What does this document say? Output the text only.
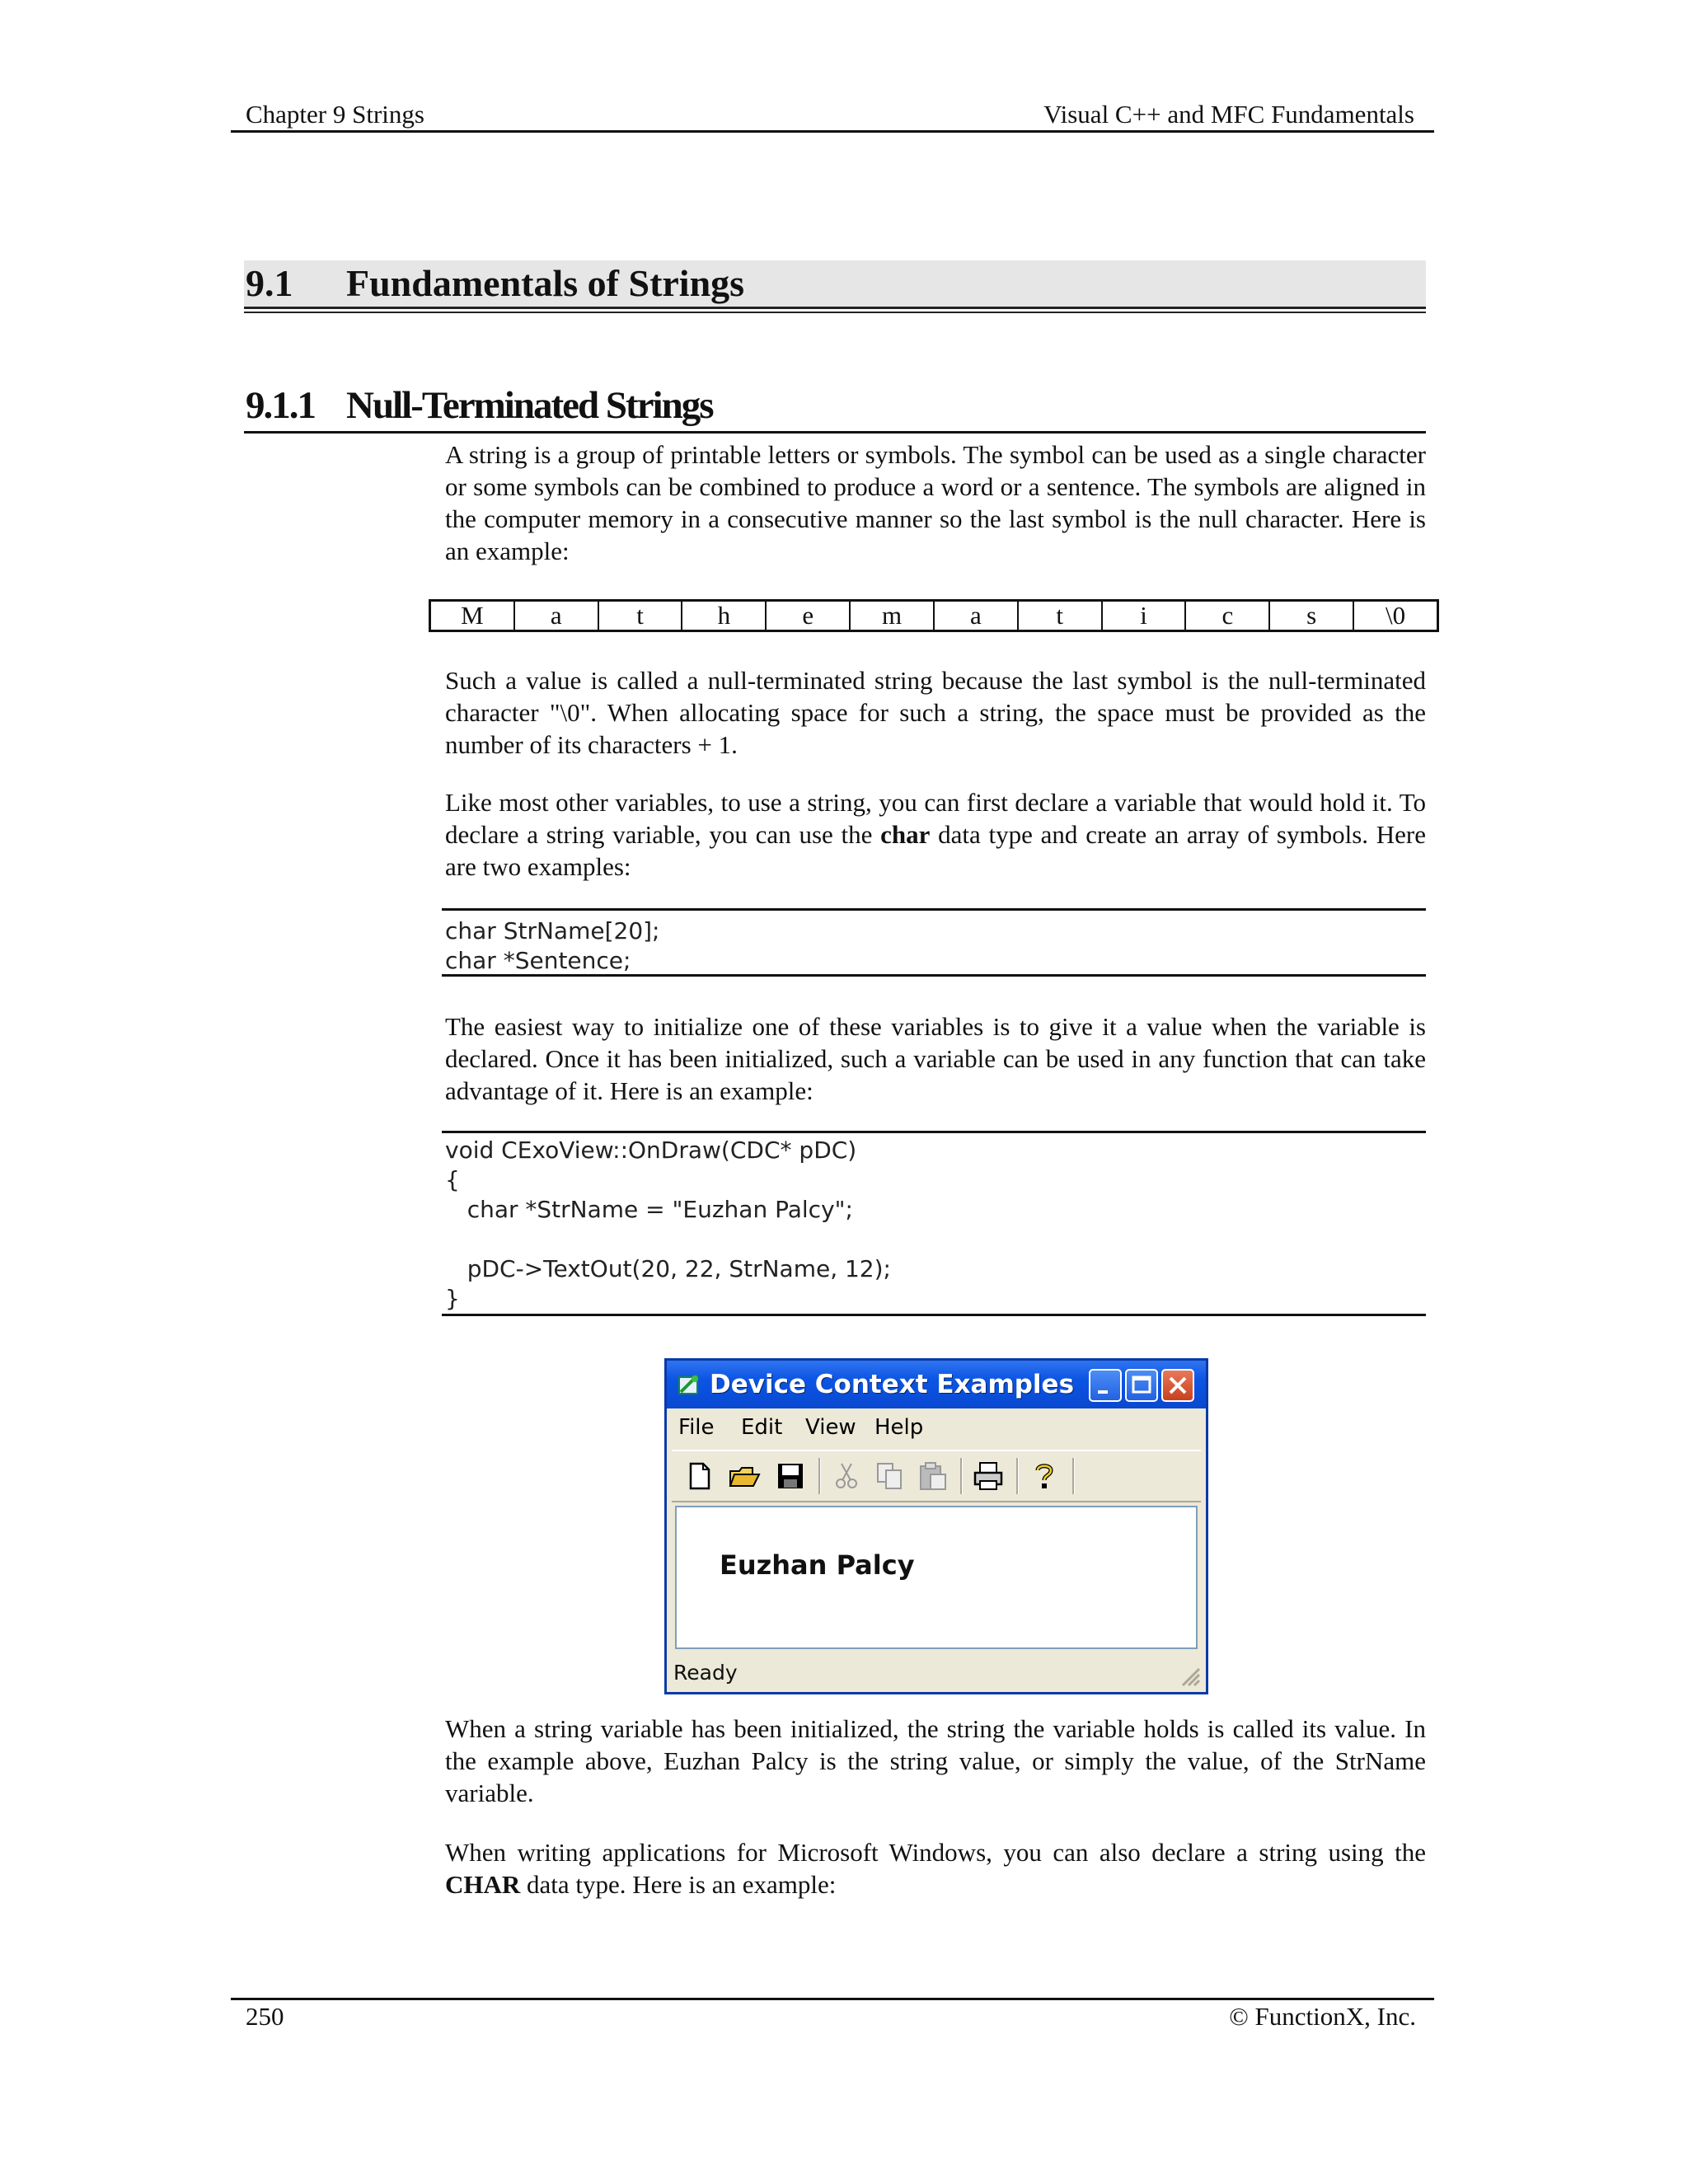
Chapter 9 Strings	Visual C++ and MFC Fundamentals
9.1 Fundamentals of Strings
9.1.1 Null-Terminated Strings
A string is a group of printable letters or symbols. The symbol can be used as a single character or some symbols can be combined to produce a word or a sentence. The symbols are aligned in the computer memory in a consecutive manner so the last symbol is the null character. Here is an example:
M	a	t	h	e	m	a	t	i	c	s	\0
Such a value is called a null-terminated string because the last symbol is the null-terminated character "\0". When allocating space for such a string, the space must be provided as the number of its characters + 1.
Like most other variables, to use a string, you can first declare a variable that would hold it. To declare a string variable, you can use the char data type and create an array of symbols. Here are two examples:
char StrName[20];
char *Sentence;
The easiest way to initialize one of these variables is to give it a value when the variable is declared. Once it has been initialized, such a variable can be used in any function that can take advantage of it. Here is an example:
void CExoView::OnDraw(CDC* pDC)
{
char *StrName = "Euzhan Palcy";

pDC->TextOut(20, 22, StrName, 12);
}
Device Context Examples
File Edit View Help
Euzhan Palcy
Ready
When a string variable has been initialized, the string the variable holds is called its value. In the example above, Euzhan Palcy is the string value, or simply the value, of the StrName variable.
When writing applications for Microsoft Windows, you can also declare a string using the CHAR data type. Here is an example:
250	© FunctionX, Inc.
